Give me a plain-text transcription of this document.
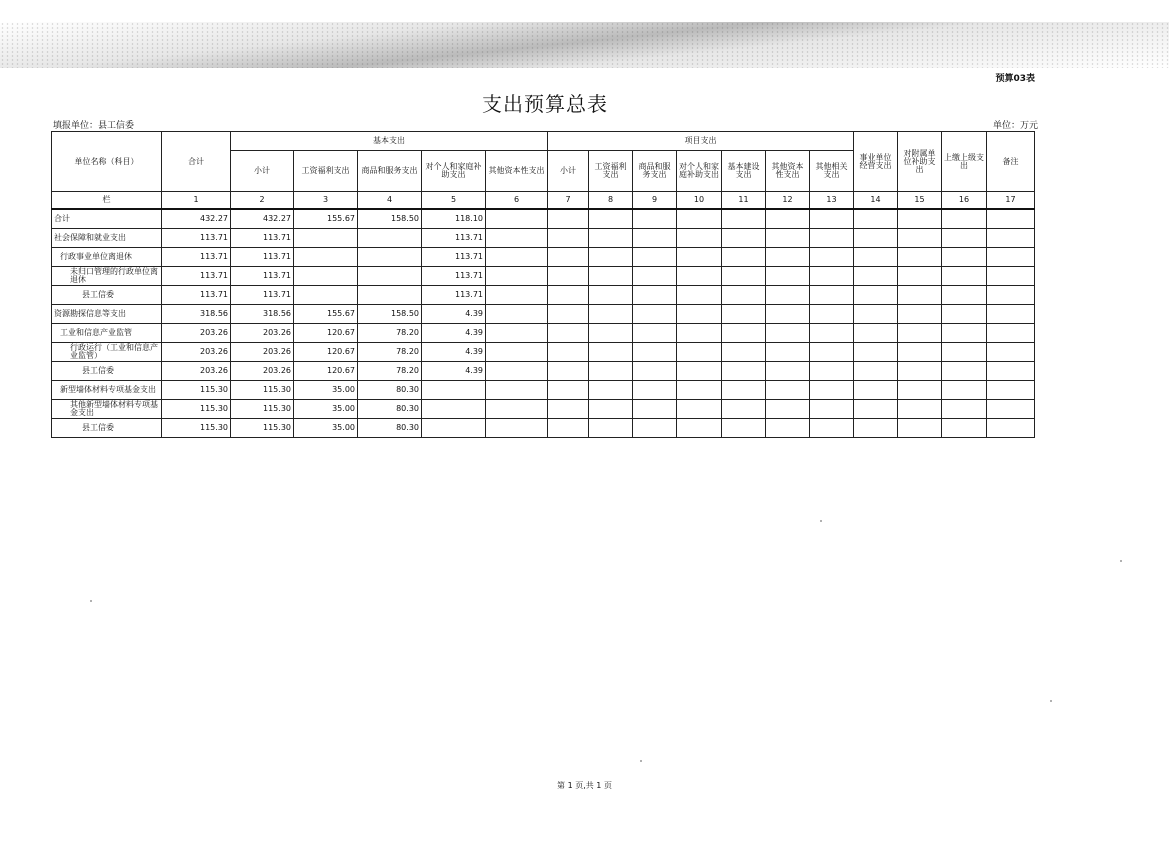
预算03表
支出预算总表
填报单位：县工信委	单位：万元
单位名称（科目）	合计	基本支出					项目支出							事业单位经营支出	对附属单位补助支出	上缴上级支出	备注
		小计	工资福利支出	商品和服务支出	对个人和家庭补助支出	其他资本性支出	小计	工资福利支出	商品和服务支出	对个人和家庭补助支出	基本建设支出	其他资本性支出	其他相关支出				
栏	1	2	3	4	5	6	7	8	9	10	11	12	13	14	15	16	17
合计	432.27	432.27	155.67	158.50	118.10												
社会保障和就业支出	113.71	113.71			113.71												
行政事业单位离退休	113.71	113.71			113.71												
未归口管理的行政单位离退休	113.71	113.71			113.71												
县工信委	113.71	113.71			113.71												
资源勘探信息等支出	318.56	318.56	155.67	158.50	4.39												
工业和信息产业监管	203.26	203.26	120.67	78.20	4.39												
行政运行（工业和信息产业监管）	203.26	203.26	120.67	78.20	4.39												
县工信委	203.26	203.26	120.67	78.20	4.39												
新型墙体材料专项基金支出	115.30	115.30	35.00	80.30													
其他新型墙体材料专项基金支出	115.30	115.30	35.00	80.30													
县工信委	115.30	115.30	35.00	80.30													
第 1 页,共 1 页
